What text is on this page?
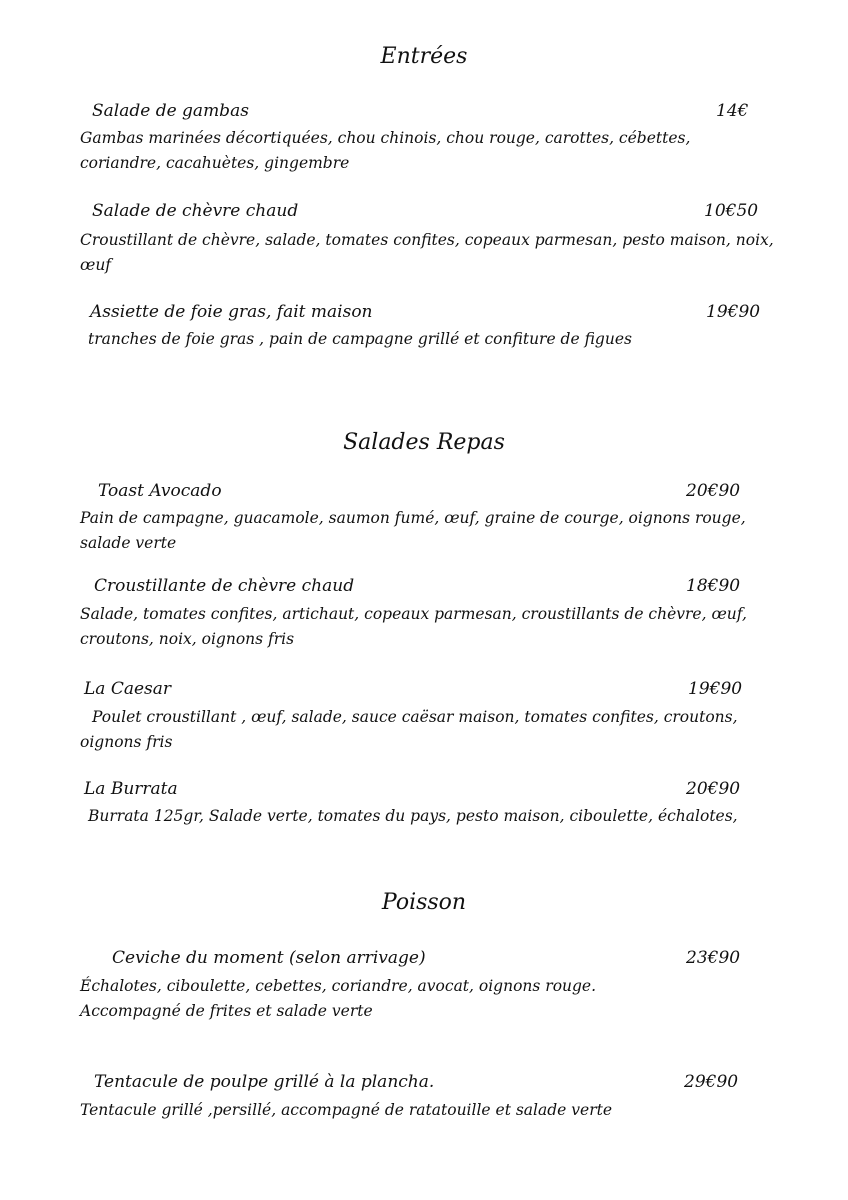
Entrées
Salade de gambas	14€
Gambas marinées décortiquées, chou chinois, chou rouge, carottes, cébettes,
coriandre, cacahuètes, gingembre
Salade de chèvre chaud	10€50
Croustillant de chèvre, salade, tomates confites, copeaux parmesan, pesto maison, noix,
œuf
Assiette de foie gras, fait maison	19€90
tranches de foie gras , pain de campagne grillé et confiture de figues
Salades Repas
Toast Avocado	20€90
Pain de campagne, guacamole, saumon fumé, œuf, graine de courge, oignons rouge,
salade verte
Croustillante de chèvre chaud	18€90
Salade, tomates confites, artichaut, copeaux parmesan, croustillants de chèvre, œuf,
croutons, noix, oignons fris
La Caesar	19€90
Poulet croustillant , œuf, salade, sauce caësar maison, tomates confites, croutons,
oignons fris
La Burrata	20€90
Burrata 125gr, Salade verte, tomates du pays, pesto maison, ciboulette, échalotes,
Poisson
Ceviche du moment (selon arrivage)	23€90
Échalotes, ciboulette, cebettes, coriandre, avocat, oignons rouge.
Accompagné de frites et salade verte
Tentacule de poulpe grillé à la plancha.	29€90
Tentacule grillé ,persillé, accompagné de ratatouille et salade verte
